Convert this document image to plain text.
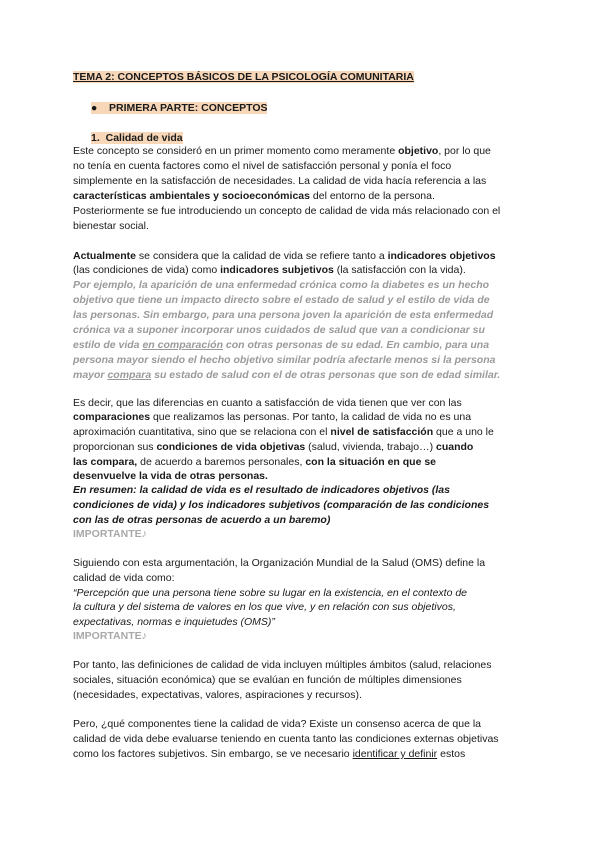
TEMA 2: CONCEPTOS BÁSICOS DE LA PSICOLOGÍA COMUNITARIA
● PRIMERA PARTE: CONCEPTOS
1. Calidad de vida
Este concepto se consideró en un primer momento como meramente objetivo, por lo que
no tenía en cuenta factores como el nivel de satisfacción personal y ponía el foco
simplemente en la satisfacción de necesidades. La calidad de vida hacía referencia a las
características ambientales y socioeconómicas del entorno de la persona.
Posteriormente se fue introduciendo un concepto de calidad de vida más relacionado con el
bienestar social.
Actualmente se considera que la calidad de vida se refiere tanto a indicadores objetivos
(las condiciones de vida) como indicadores subjetivos (la satisfacción con la vida).
Por ejemplo, la aparición de una enfermedad crónica como la diabetes es un hecho
objetivo que tiene un impacto directo sobre el estado de salud y el estilo de vida de
las personas. Sin embargo, para una persona joven la aparición de esta enfermedad
crónica va a suponer incorporar unos cuidados de salud que van a condicionar su
estilo de vida en comparación con otras personas de su edad. En cambio, para una
persona mayor siendo el hecho objetivo similar podría afectarle menos si la persona
mayor compara su estado de salud con el de otras personas que son de edad similar.
Es decir, que las diferencias en cuanto a satisfacción de vida tienen que ver con las
comparaciones que realizamos las personas. Por tanto, la calidad de vida no es una
aproximación cuantitativa, sino que se relaciona con el nivel de satisfacción que a uno le
proporcionan sus condiciones de vida objetivas (salud, vivienda, trabajo…) cuando
las compara, de acuerdo a baremos personales, con la situación en que se
desenvuelve la vida de otras personas.
En resumen: la calidad de vida es el resultado de indicadores objetivos (las
condiciones de vida) y los indicadores subjetivos (comparación de las condiciones
con las de otras personas de acuerdo a un baremo)
IMPORTANTE♪
Siguiendo con esta argumentación, la Organización Mundial de la Salud (OMS) define la
calidad de vida como:
“Percepción que una persona tiene sobre su lugar en la existencia, en el contexto de
la cultura y del sistema de valores en los que vive, y en relación con sus objetivos,
expectativas, normas e inquietudes (OMS)”
IMPORTANTE♪
Por tanto, las definiciones de calidad de vida incluyen múltiples ámbitos (salud, relaciones
sociales, situación económica) que se evalúan en función de múltiples dimensiones
(necesidades, expectativas, valores, aspiraciones y recursos).
Pero, ¿qué componentes tiene la calidad de vida? Existe un consenso acerca de que la
calidad de vida debe evaluarse teniendo en cuenta tanto las condiciones externas objetivas
como los factores subjetivos. Sin embargo, se ve necesario identificar y definir estos
